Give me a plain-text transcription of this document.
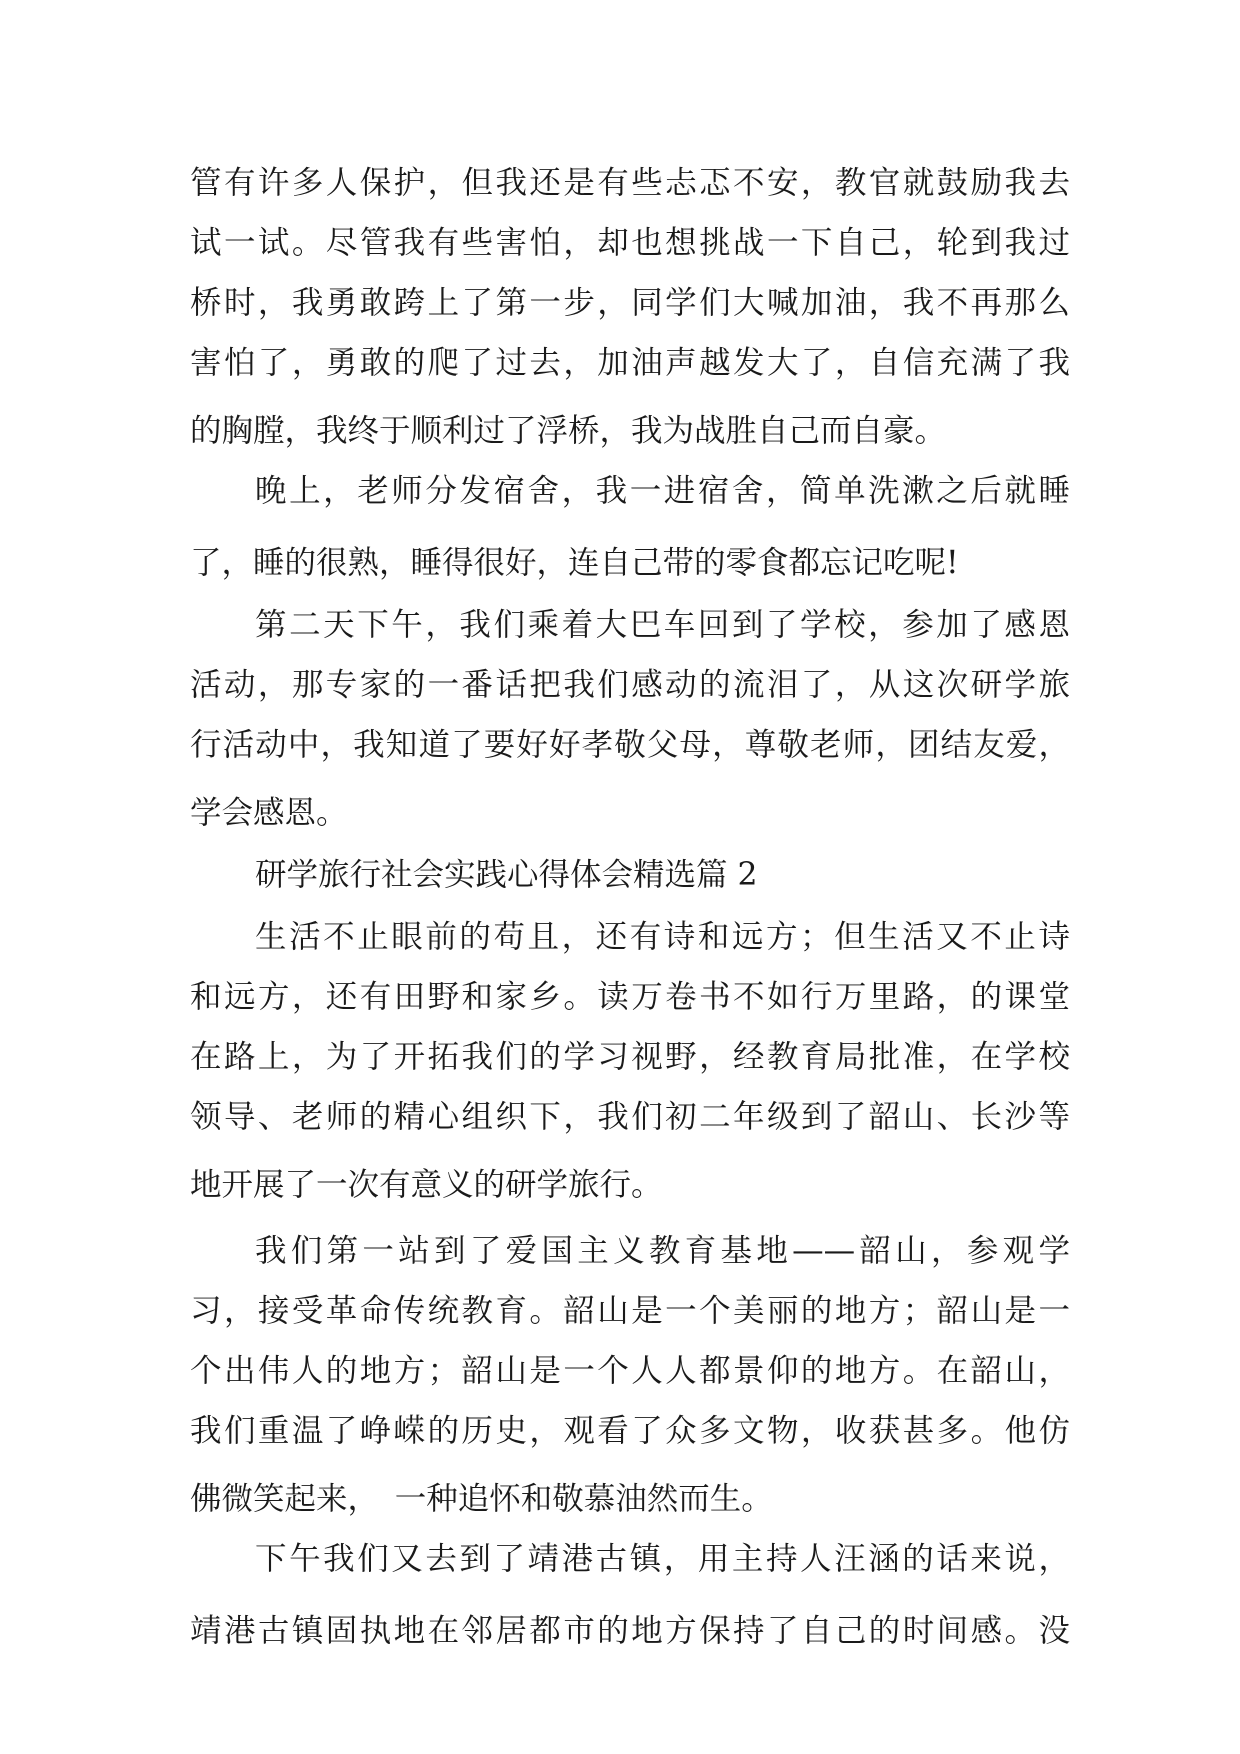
管有许多人保护，但我还是有些忐忑不安，教官就鼓励我去
试一试。尽管我有些害怕，却也想挑战一下自己，轮到我过
桥时，我勇敢跨上了第一步，同学们大喊加油，我不再那么
害怕了，勇敢的爬了过去，加油声越发大了，自信充满了我
的胸膛，我终于顺利过了浮桥，我为战胜自己而自豪。
晚上，老师分发宿舍，我一进宿舍，简单洗漱之后就睡
了，睡的很熟，睡得很好，连自己带的零食都忘记吃呢!
第二天下午，我们乘着大巴车回到了学校，参加了感恩
活动，那专家的一番话把我们感动的流泪了，从这次研学旅
行活动中，我知道了要好好孝敬父母，尊敬老师，团结友爱，
学会感恩。
研学旅行社会实践心得体会精选篇 2
生活不止眼前的苟且，还有诗和远方；但生活又不止诗
和远方，还有田野和家乡。读万卷书不如行万里路，的课堂
在路上，为了开拓我们的学习视野，经教育局批准，在学校
领导、老师的精心组织下，我们初二年级到了韶山、长沙等
地开展了一次有意义的研学旅行。
我们第一站到了爱国主义教育基地——韶山，参观学
习，接受革命传统教育。韶山是一个美丽的地方；韶山是一
个出伟人的地方；韶山是一个人人都景仰的地方。在韶山，
我们重温了峥嵘的历史，观看了众多文物，收获甚多。他仿
佛微笑起来，　一种追怀和敬慕油然而生。
下午我们又去到了靖港古镇，用主持人汪涵的话来说，
靖港古镇固执地在邻居都市的地方保持了自己的时间感。没
